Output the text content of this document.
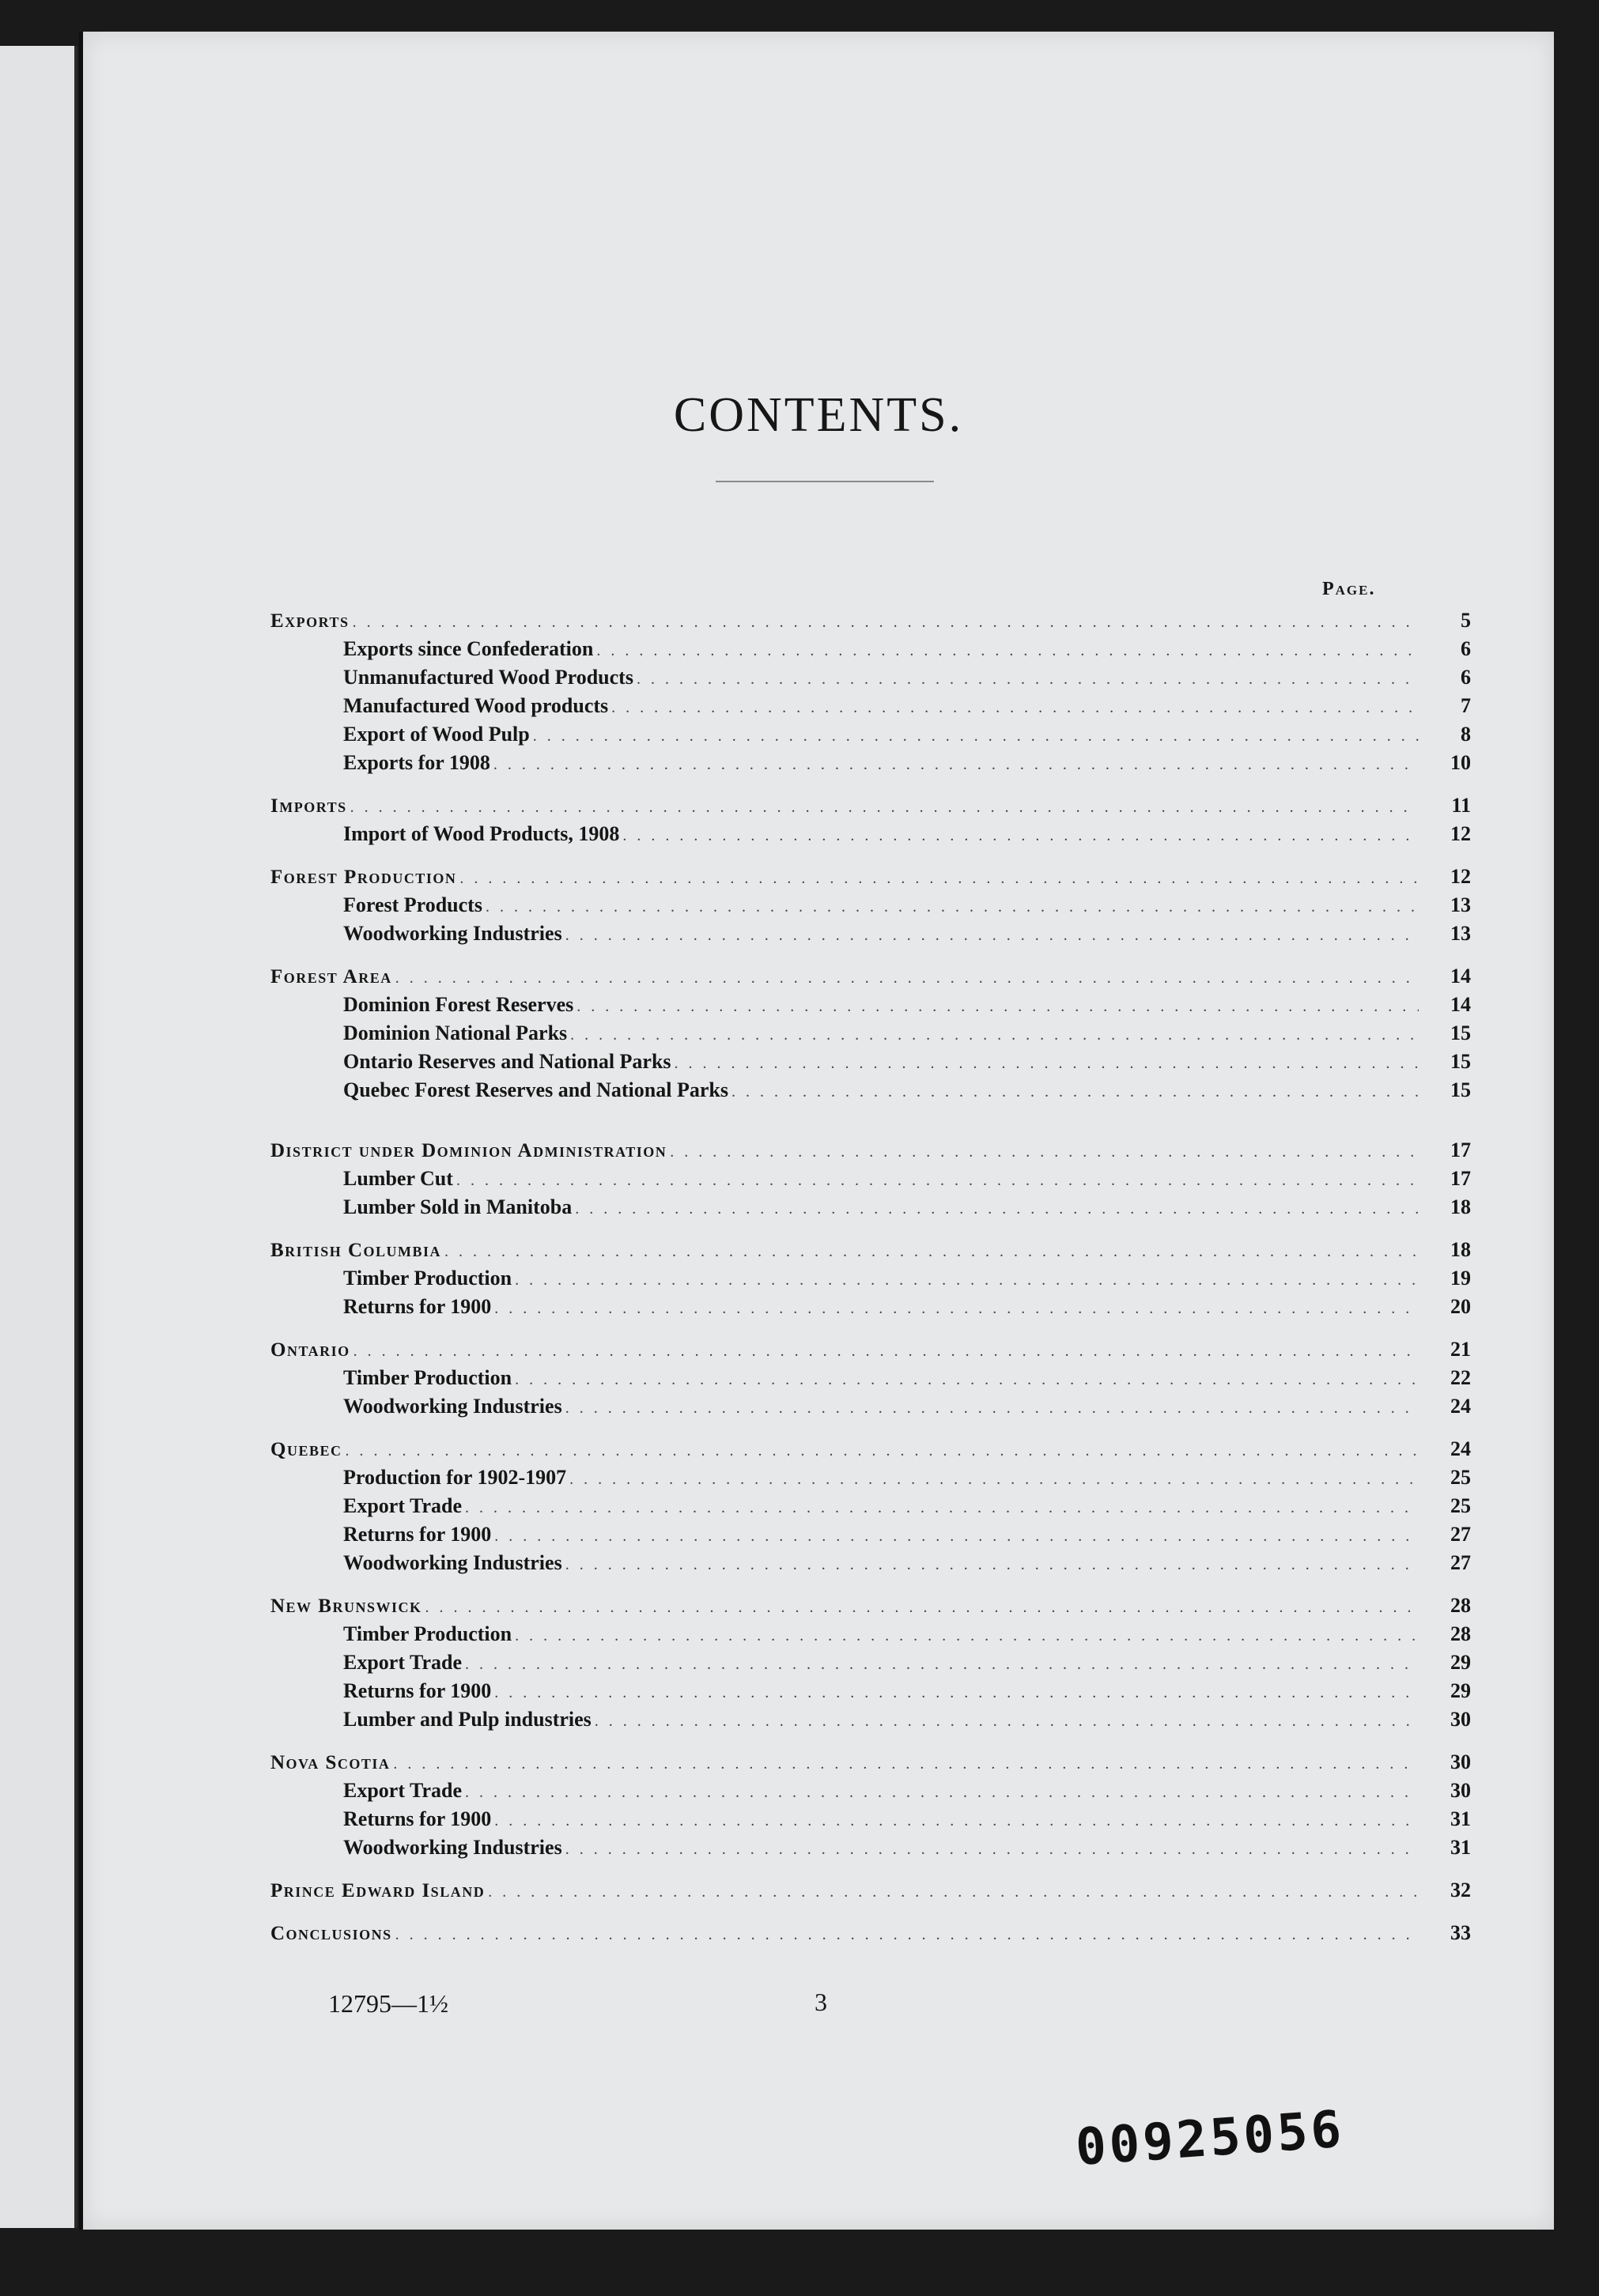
CONTENTS.
Page.
Exports . . .	5
Exports since Confederation . . .	6
Unmanufactured Wood Products . . .	6
Manufactured Wood products . . .	7
Export of Wood Pulp . . .	8
Exports for 1908 . . .	10
Imports . . .	11
Import of Wood Products, 1908 . . .	12
Forest Production . . .	12
Forest Products . . .	13
Woodworking Industries . . .	13
Forest Area . . .	14
Dominion Forest Reserves . . .	14
Dominion National Parks . . .	15
Ontario Reserves and National Parks . . .	15
Quebec Forest Reserves and National Parks . . .	15
District under Dominion Administration . . .	17
Lumber Cut . . .	17
Lumber Sold in Manitoba . . .	18
British Columbia . . .	18
Timber Production . . .	19
Returns for 1900 . . .	20
Ontario . . .	21
Timber Production . . .	22
Woodworking Industries . . .	24
Quebec . . .	24
Production for 1902-1907 . . .	25
Export Trade . . .	25
Returns for 1900 . . .	27
Woodworking Industries . . .	27
New Brunswick . . .	28
Timber Production . . .	28
Export Trade . . .	29
Returns for 1900 . . .	29
Lumber and Pulp industries . . .	30
Nova Scotia . . .	30
Export Trade . . .	30
Returns for 1900 . . .	31
Woodworking Industries . . .	31
Prince Edward Island . . .	32
Conclusions . . .	33
12795—1½	3
00925056
